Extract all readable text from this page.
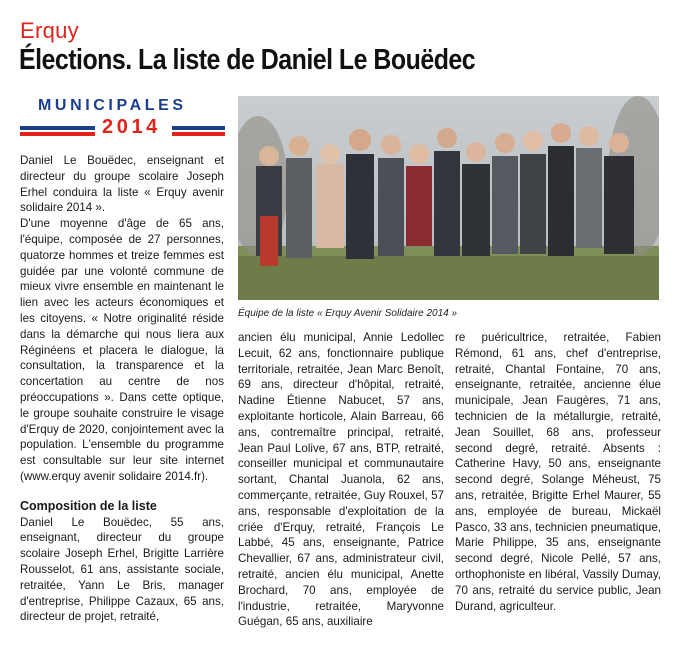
Erquy
Élections. La liste de Daniel Le Bouëdec
MUNICIPALES
2014

Daniel Le Bouëdec, enseignant et directeur du groupe scolaire Joseph Erhel conduira la liste « Erquy avenir solidaire 2014 ».

D'une moyenne d'âge de 65 ans, l'équipe, composée de 27 personnes, quatorze hommes et treize femmes est guidée par une volonté commune de mieux vivre ensemble en maintenant le lien avec les acteurs économiques et les citoyens. « Notre originalité réside dans la démarche qui nous liera aux Réginéens et placera le dialogue, la consultation, la transparence et la concertation au centre de nos préoccupations ». Dans cette optique, le groupe souhaite construire le visage d'Erquy de 2020, conjointement avec la population. L'ensemble du programme est consultable sur leur site internet (www.erquy avenir solidaire 2014.fr).

Composition de la liste

Daniel Le Bouëdec, 55 ans, enseignant, directeur du groupe scolaire Joseph Erhel, Brigitte Larrière Rousselot, 61 ans, assistante sociale, retraitée, Yann Le Bris, manager d'entreprise, Philippe Cazaux, 65 ans, directeur de projet, retraité,

Équipe de la liste « Erquy Avenir Solidaire 2014 »

ancien élu municipal, Annie Ledollec Lecuit, 62 ans, fonctionnaire publique territoriale, retraitée, Jean Marc Benoît, 69 ans, directeur d'hôpital, retraité, Nadine Étienne Nabucet, 57 ans, exploitante horticole, Alain Barreau, 66 ans, contremaître principal, retraité, Jean Paul Lolive, 67 ans, BTP, retraité, conseiller municipal et communautaire sortant, Chantal Juanola, 62 ans, commerçante, retraitée, Guy Rouxel, 57 ans, responsable d'exploitation de la criée d'Erquy, retraité, François Le Labbé, 45 ans, enseignante, Patrice Chevallier, 67 ans, administrateur civil, retraité, ancien élu municipal, Anette Brochard, 70 ans, employée de l'industrie, retraitée, Maryvonne Guégan, 65 ans, auxiliaire

re puéricultrice, retraitée, Fabien Rémond, 61 ans, chef d'entreprise, retraité, Chantal Fontaine, 70 ans, enseignante, retraitée, ancienne élue municipale, Jean Faugères, 71 ans, technicien de la métallurgie, retraité, Jean Souillet, 68 ans, professeur second degré, retraité. Absents : Catherine Havy, 50 ans, enseignante second degré, Solange Méheust, 75 ans, retraitée, Brigitte Erhel Maurer, 55 ans, employée de bureau, Mickaël Pasco, 33 ans, technicien pneumatique, Marie Philippe, 35 ans, enseignante second degré, Nicole Pellé, 57 ans, orthophoniste en libéral, Vassily Dumay, 70 ans, retraité du service public, Jean Durand, agriculteur.
